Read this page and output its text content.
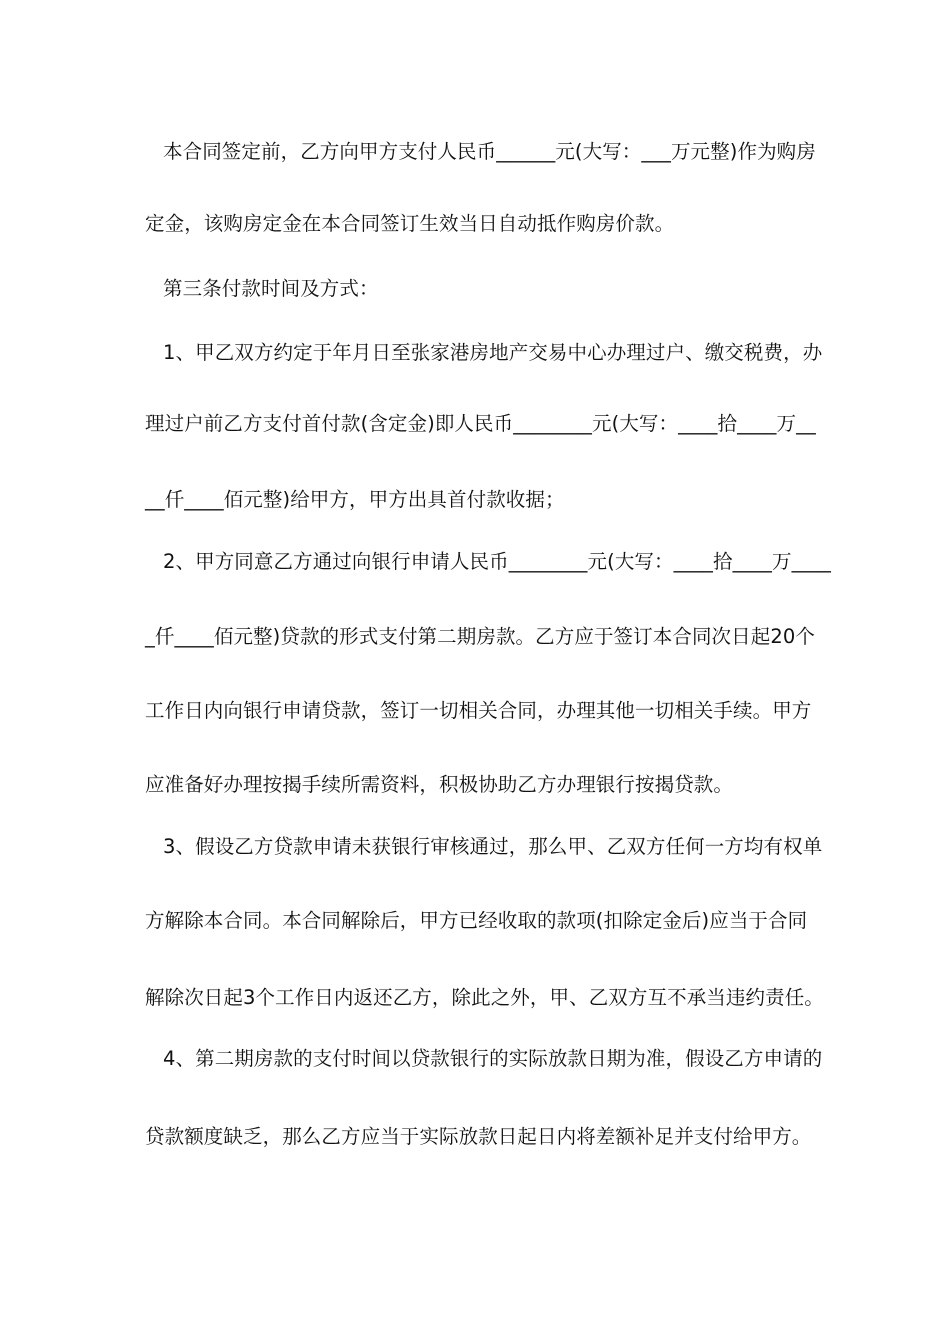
本合同签定前，乙方向甲方支付人民币______元(大写：___万元整)作为购房
定金，该购房定金在本合同签订生效当日自动抵作购房价款。
第三条付款时间及方式：
1、甲乙双方约定于年月日至张家港房地产交易中心办理过户、缴交税费，办
理过户前乙方支付首付款(含定金)即人民币________元(大写：____拾____万__
__仟____佰元整)给甲方，甲方出具首付款收据；
2、甲方同意乙方通过向银行申请人民币________元(大写：____拾____万____
_仟____佰元整)贷款的形式支付第二期房款。乙方应于签订本合同次日起20个
工作日内向银行申请贷款，签订一切相关合同，办理其他一切相关手续。甲方
应准备好办理按揭手续所需资料，积极协助乙方办理银行按揭贷款。
3、假设乙方贷款申请未获银行审核通过，那么甲、乙双方任何一方均有权单
方解除本合同。本合同解除后，甲方已经收取的款项(扣除定金后)应当于合同
解除次日起3个工作日内返还乙方，除此之外，甲、乙双方互不承当违约责任。
4、第二期房款的支付时间以贷款银行的实际放款日期为准，假设乙方申请的
贷款额度缺乏，那么乙方应当于实际放款日起日内将差额补足并支付给甲方。
